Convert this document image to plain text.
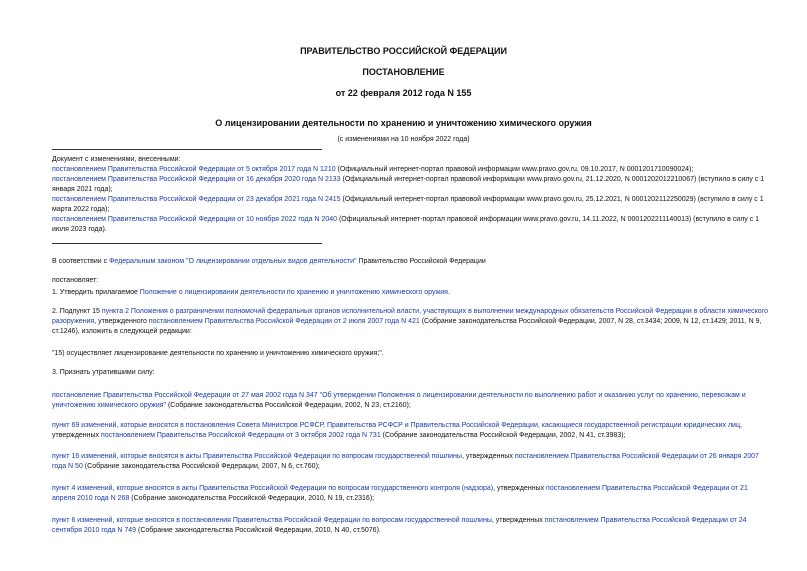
ПРАВИТЕЛЬСТВО РОССИЙСКОЙ ФЕДЕРАЦИИ
ПОСТАНОВЛЕНИЕ
от 22 февраля 2012 года N 155
О лицензировании деятельности по хранению и уничтожению химического оружия
(с изменениями на 10 ноября 2022 года)
Документ с изменениями, внесенными:
постановлением Правительства Российской Федерации от 5 октября 2017 года N 1210 (Официальный интернет-портал правовой информации www.pravo.gov.ru, 09.10.2017, N 0001201710090024);
постановлением Правительства Российской Федерации от 16 декабря 2020 года N 2133 (Официальный интернет-портал правовой информации www.pravo.gov.ru, 21.12.2020, N 0001202012210067) (вступило в силу с 1 января 2021 года);
постановлением Правительства Российской Федерации от 23 декабря 2021 года N 2415 (Официальный интернет-портал правовой информации www.pravo.gov.ru, 25.12.2021, N 0001202112250029) (вступило в силу с 1 марта 2022 года);
постановлением Правительства Российской Федерации от 10 ноября 2022 года N 2040 (Официальный интернет-портал правовой информации www.pravo.gov.ru, 14.11.2022, N 0001202211140013) (вступило в силу с 1 июля 2023 года).
В соответствии с Федеральным законом "О лицензировании отдельных видов деятельности" Правительство Российской Федерации
постановляет:
1. Утвердить прилагаемое Положение о лицензировании деятельности по хранению и уничтожению химического оружия.
2. Подпункт 15 пункта 2 Положения о разграничении полномочий федеральных органов исполнительной власти, участвующих в выполнении международных обязательств Российской Федерации в области химического разоружения, утвержденного постановлением Правительства Российской Федерации от 2 июля 2007 года N 421 (Собрание законодательства Российской Федерации, 2007, N 28, ст.3434; 2009, N 12, ст.1429; 2011, N 9, ст.1246), изложить в следующей редакции:
"15) осуществляет лицензирование деятельности по хранению и уничтожению химического оружия;".
3. Признать утратившими силу:
постановление Правительства Российской Федерации от 27 мая 2002 года N 347 "Об утверждении Положения о лицензировании деятельности по выполнению работ и оказанию услуг по хранению, перевозкам и уничтожению химического оружия" (Собрание законодательства Российской Федерации, 2002, N 23, ст.2160);
пункт 69 изменений, которые вносятся в постановления Совета Министров РСФСР, Правительства РСФСР и Правительства Российской Федерации, касающиеся государственной регистрации юридических лиц, утвержденных постановлением Правительства Российской Федерации от 3 октября 2002 года N 731 (Собрание законодательства Российской Федерации, 2002, N 41, ст.3983);
пункт 16 изменений, которые вносятся в акты Правительства Российской Федерации по вопросам государственной пошлины, утвержденных постановлением Правительства Российской Федерации от 26 января 2007 года N 50 (Собрание законодательства Российской Федерации, 2007, N 6, ст.760);
пункт 4 изменений, которые вносятся в акты Правительства Российской Федерации по вопросам государственного контроля (надзора), утвержденных постановлением Правительства Российской Федерации от 21 апреля 2010 года N 268 (Собрание законодательства Российской Федерации, 2010, N 19, ст.2316);
пункт 6 изменений, которые вносятся в постановления Правительства Российской Федерации по вопросам государственной пошлины, утвержденных постановлением Правительства Российской Федерации от 24 сентября 2010 года N 749 (Собрание законодательства Российской Федерации, 2010, N 40, ст.5076).
